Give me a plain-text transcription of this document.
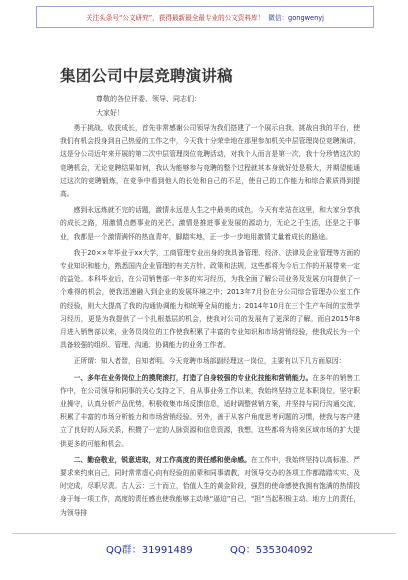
关注头条号“公文研究”，获得最新最全最专业的公文资料库！ 微信：gongwenyj
集团公司中层竞聘演讲稿
尊敬的各位评委、领导、同志们：
大家好！

勇于挑战，收获成长，首先非常感谢公司领导为我们搭建了一个展示自我，挑战自我的平台，使我们有机会投身到自己热爱的工作之中，今天我十分荣幸地在那里参加机关中层管理岗位竞聘演讲，这是分公司近年来开展的第二次中层管理岗位竞聘活动，对我个人而言是第一次，我十分珍惜这次的竞聘机会，无论竞聘结果如何，我认为能够参与竞聘的整个过程就其本身就好处是极大，并期望能通过这次的竞聘锻炼，在竞争中看到他人的长处和自己的不足，使自己的工作能力和综合素质得到提高。

感到永远炼就不完的话题，激情永远是人生之中最美的成色，今天有幸站在这里，和大家分享我的成长之路，用激情点燃事业的光芒。激情是推进事业发展的源动力，无论之于生活，还是之于事业，我都是一个激情满怀的热血青年，脚踏实地，正一步一步地用激情丈量着成长的路途。

我于20××年毕业于xx大学，工商管理专业出身的我具备管理、经济、法律及企业管理等方面的专业知识和能力，熟悉国内企业管理的有关方针、政策和法规，这些都将为今后工作的开展带来一定的益处。本科毕业后，在公司销售部一年多的实习经历，为我全面了解公司业务及发展方向提供了一个难得的机会，使我迅速融入到企业的发展环境之中；2013年7月份在分公司综合管理办公室工作的经验，则大大提高了我的沟通协调能力和统筹全局的能力；2014年10月在三个生产车间的宝贵学习经历，更是为我提供了一个扎根基层的机会，使我对公司的发展有了更深的了解。而自2015年8月进入销售部以来，业务员岗位的工作使我积累了丰富的专业知识和市场营销经验，使我成长为一个具备较强的组织、管理、沟通、协调能力的业务工作者。

正所谓：知人者智，自知者明。今天竞聘市场部副经理这一岗位，主要有以下几方面原因：

一、多年在业务岗位上的摸爬滚打，打造了自身较强的专业化技能和营销能力。在多年的销售工作中，在公司领导和同事的关心支持之下，自从事业务工作以来，我始终坚持立足本职岗位，坚守职业操守，认真分析产品优势，积极收集市场反馈信息，适时调整营销方案，并坚持与同行沟通交流，积累了丰富的市场分析能力和市场营销经验。另外，善于从客户角度思考问题的习惯，使我与客户建立了良好的人际关系，积攒了一定的人脉资源和信息资源，我想，这些都将为将来区域市场的扩大提供更多的可能和机会。

二、勤奋敬业，锐意进取，对工作高度的责任感和使命感。在工作中，我始终坚持以高标准、严要求来约束自己，同时常常虚心向有经验的前辈和同事请教，对领导交办的各项工作都踏踏实实、及时完成，尽职尽责。古人云：三十而立，恰值人生的黄金阶段，强烈的使命感使我拥有饱满的热情投身于每一项工作，高度的责任感也使我能够主动地“逼迫”自己，“担”当起积极主动、地方上的责任，为领导排

QQ群：31991489	QQ：535304092
